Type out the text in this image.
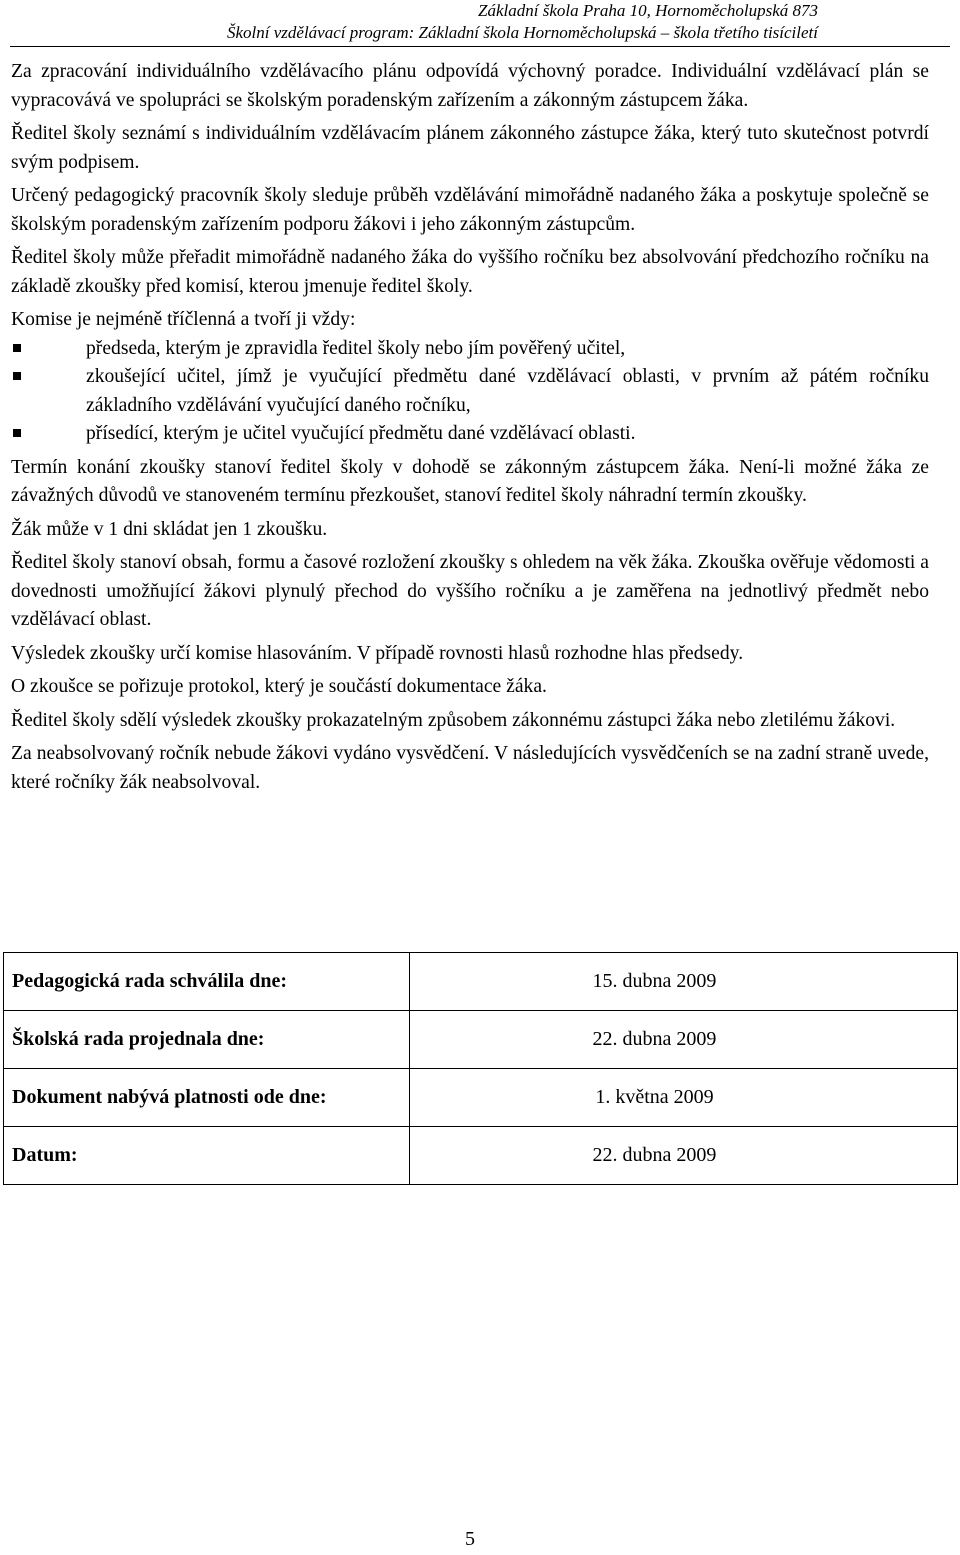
Základní škola Praha 10, Hornoměcholupská 873
Školní vzdělávací program: Základní škola Hornoměcholupská – škola třetího tisíciletí

Za zpracování individuálního vzdělávacího plánu odpovídá výchovný poradce. Individuální vzdělávací plán se vypracovává ve spolupráci se školským poradenským zařízením a zákonným zástupcem žáka.

Ředitel školy seznámí s individuálním vzdělávacím plánem zákonného zástupce žáka, který tuto skutečnost potvrdí svým podpisem.

Určený pedagogický pracovník školy sleduje průběh vzdělávání mimořádně nadaného žáka a poskytuje společně se školským poradenským zařízením podporu žákovi i jeho zákonným zástupcům.

Ředitel školy může přeřadit mimořádně nadaného žáka do vyššího ročníku bez absolvování předchozího ročníku na základě zkoušky před komisí, kterou jmenuje ředitel školy.

Komise je nejméně tříčlenná a tvoří ji vždy:

předseda, kterým je zpravidla ředitel školy nebo jím pověřený učitel,
zkoušející učitel, jímž je vyučující předmětu dané vzdělávací oblasti, v prvním až pátém ročníku základního vzdělávání vyučující daného ročníku,
přísedící, kterým je učitel vyučující předmětu dané vzdělávací oblasti.

Termín konání zkoušky stanoví ředitel školy v dohodě se zákonným zástupcem žáka. Není-li možné žáka ze závažných důvodů ve stanoveném termínu přezkoušet, stanoví ředitel školy náhradní termín zkoušky.

Žák může v 1 dni skládat jen 1 zkoušku.

Ředitel školy stanoví obsah, formu a časové rozložení zkoušky s ohledem na věk žáka. Zkouška ověřuje vědomosti a dovednosti umožňující žákovi plynulý přechod do vyššího ročníku a je zaměřena na jednotlivý předmět nebo vzdělávací oblast.

Výsledek zkoušky určí komise hlasováním. V případě rovnosti hlasů rozhodne hlas předsedy.

O zkoušce se pořizuje protokol, který je součástí dokumentace žáka.

Ředitel školy sdělí výsledek zkoušky prokazatelným způsobem zákonnému zástupci žáka nebo zletilému žákovi.

Za neabsolvovaný ročník nebude žákovi vydáno vysvědčení. V následujících vysvědčeních se na zadní straně uvede, které ročníky žák neabsolvoval.

Pedagogická rada schválila dne:	15. dubna 2009
Školská rada projednala dne:	22. dubna 2009
Dokument nabývá platnosti ode dne:	1. května 2009
Datum:	22. dubna 2009
5
